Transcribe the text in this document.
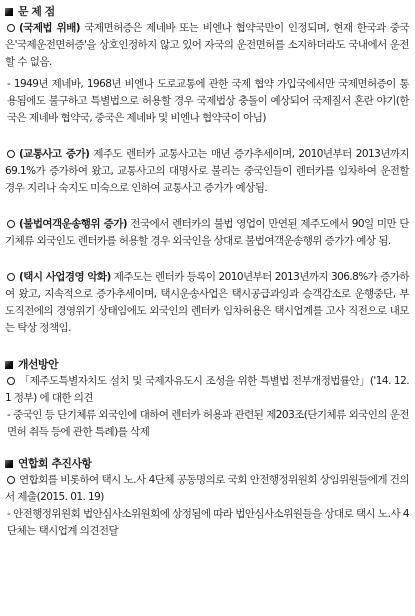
문 제 점

(국제법 위배) 국제면허증은 제네바 또는 비엔나 협약국만이 인정되며, 현재 한국과 중국은'국제운전면허증'을 상호인정하지 않고 있어 자국의 운전면허를 소지하더라도 국내에서 운전 할 수 없음.

- 1949년 제네바, 1968년 비엔나 도로교통에 관한 국제 협약 가입국에서만 국제면허증이 통용됨에도 불구하고 특별법으로 허용할 경우 국제법상 충돌이 예상되어 국제질서 혼란 야기(한국은 제네바 협약국, 중국은 제네바 및 비엔나 협약국이 아님)

(교통사고 증가) 제주도 렌터카 교통사고는 매년 증가추세이며, 2010년부터 2013년까지 69.1%가 증가하여 왔고, 교통사고의 대명사로 불리는 중국인들이 렌터카를 임차하여 운전할 경우 지리나 숙지도 미숙으로 인하여 교통사고 증가가 예상됨.

(불법여객운송행위 증가) 전국에서 렌터카의 불법 영업이 만연된 제주도에서 90일 미만 단기체류 외국인도 렌터카를 허용할 경우 외국인을 상대로 불법여객운송행위 증가가 예상 됨.

(택시 사업경영 악화) 제주도는 렌터카 등록이 2010년부터 2013년까지 306.8%가 증가하여 왔고, 지속적으로 증가추세이며, 택시운송사업은 택시공급과잉과 승객감소로 운행중단, 부도직전에의 경영위기 상태임에도 외국인의 렌터카 임차허용은 택시업계를 고사 직전으로 내모는 탁상 정책임.

개선방안

「제주도특별자치도 설치 및 국제자유도시 조성을 위한 특별법 전부개정법률안」('14. 12. 1 정부) 에 대한 의견

- 중국인 등 단기체류 외국인에 대하여 렌터카 허용과 관련된 제203조(단기체류 외국인의 운전면허 취득 등에 관한 특례)를 삭제

연합회 추진사항

연합회를 비롯하여 택시 노․사 4단체 공동명의로 국회 안전행정위원회 상임위원들에게 건의서 제출(2015. 01. 19)

- 안전행정위원회 법안심사소위원회에 상정됨에 따라 법안심사소위원들을 상대로 택시 노․사 4단체는 택시업계 의견전달
